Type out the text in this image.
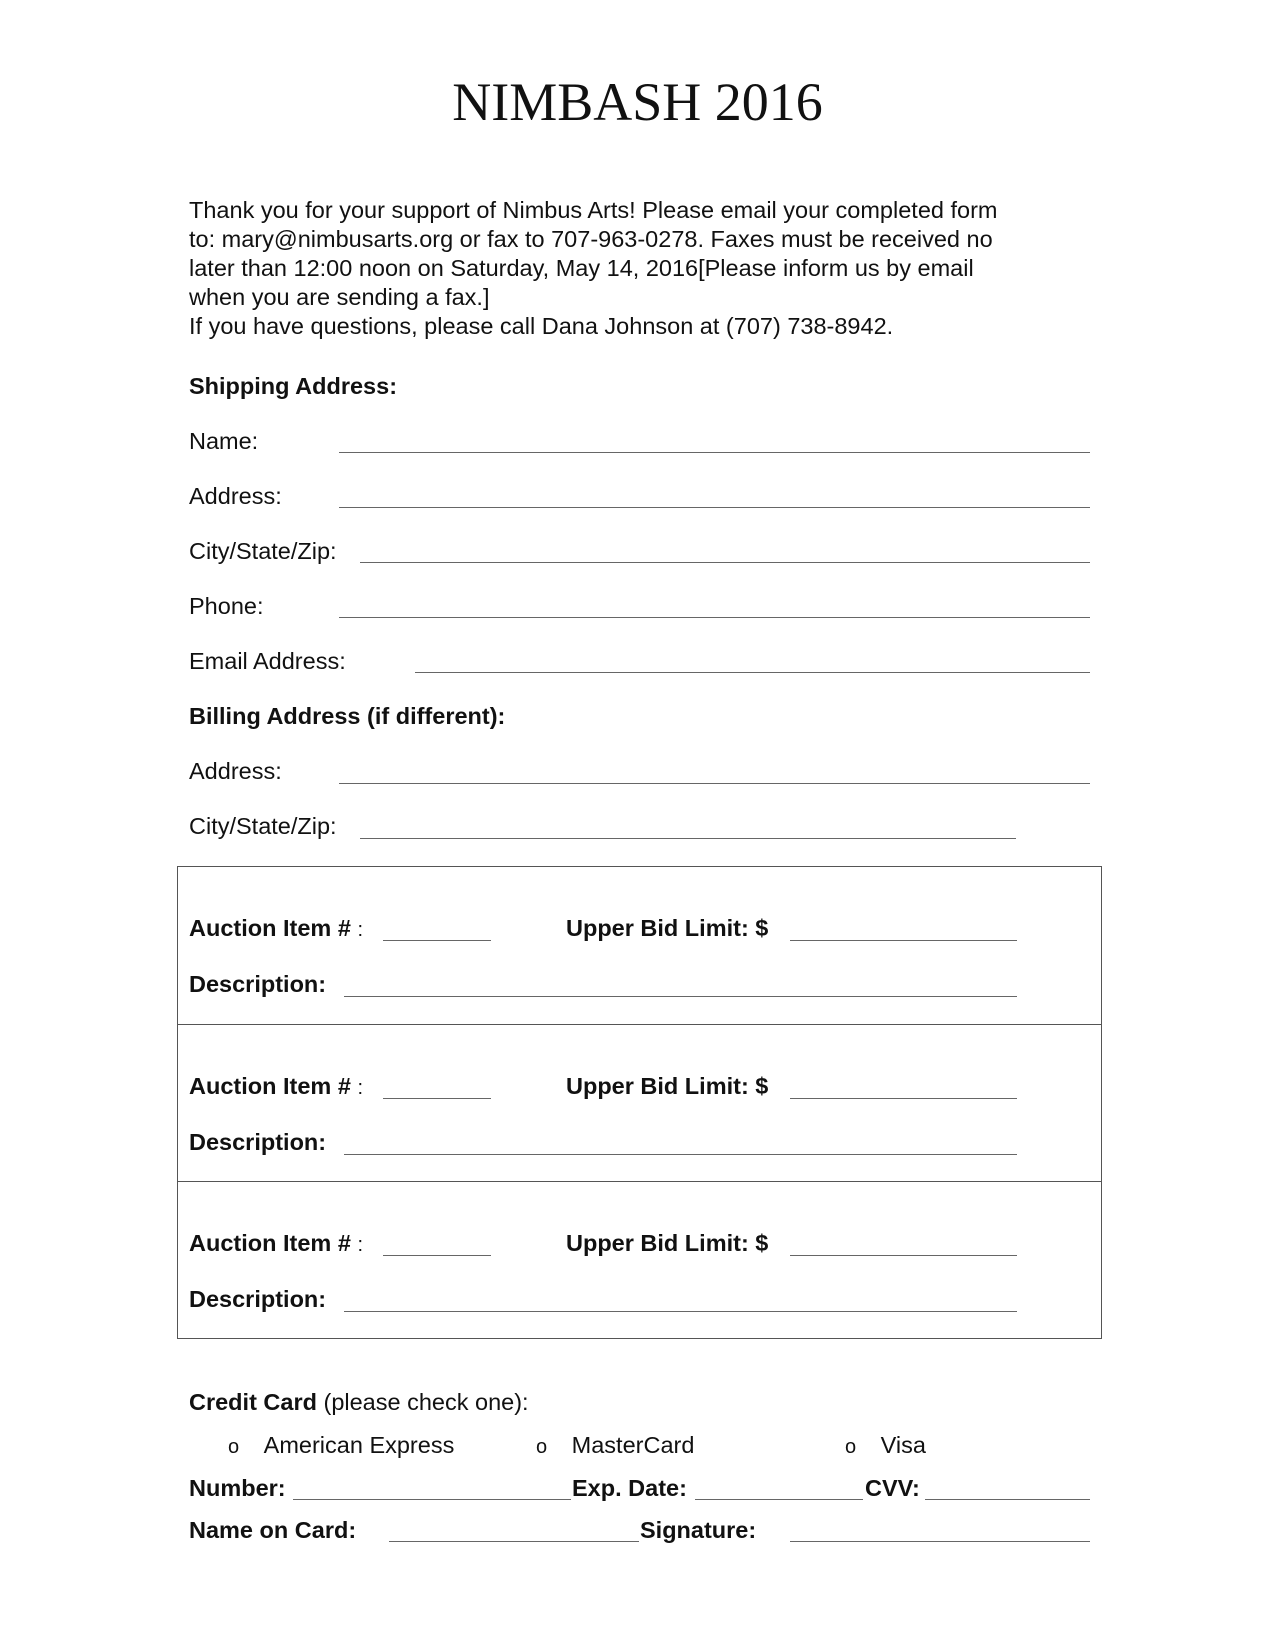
NIMBASH 2016
Thank you for your support of Nimbus Arts! Please email your completed form
to: mary@nimbusarts.org or fax to 707-963-0278. Faxes must be received no
later than 12:00 noon on Saturday, May 14, 2016[Please inform us by email
when you are sending a fax.]
If you have questions, please call Dana Johnson at (707) 738-8942.
Shipping Address:
Name:
Address:
City/State/Zip:
Phone:
Email Address:
Billing Address (if different):
Address:
City/State/Zip:
Auction Item # :	Upper Bid Limit: $
Description:
Auction Item # :	Upper Bid Limit: $
Description:
Auction Item # :	Upper Bid Limit: $
Description:
Credit Card (please check one):
o American Express	o MasterCard	o Visa
Number:	Exp. Date:	CVV:
Name on Card:	Signature:
